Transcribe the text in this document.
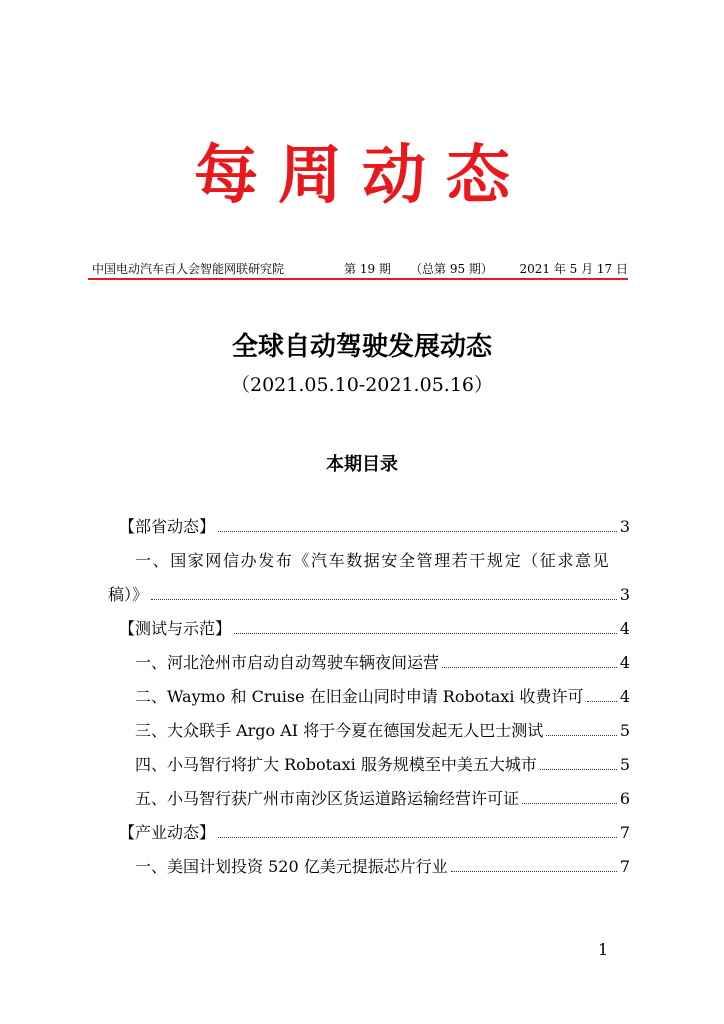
每周动态
中国电动汽车百人会智能网联研究院	第 19 期 （总第 95 期） 2021 年 5 月 17 日
全球自动驾驶发展动态
（2021.05.10-2021.05.16）
本期目录
【部省动态】	3
一、国家网信办发布《汽车数据安全管理若干规定（征求意见
稿）》	3
【测试与示范】	4
一、河北沧州市启动自动驾驶车辆夜间运营	4
二、Waymo 和 Cruise 在旧金山同时申请 Robotaxi 收费许可 4
三、大众联手 Argo AI 将于今夏在德国发起无人巴士测试	5
四、小马智行将扩大 Robotaxi 服务规模至中美五大城市	5
五、小马智行获广州市南沙区货运道路运输经营许可证	6
【产业动态】	7
一、美国计划投资 520 亿美元提振芯片行业	7
1
